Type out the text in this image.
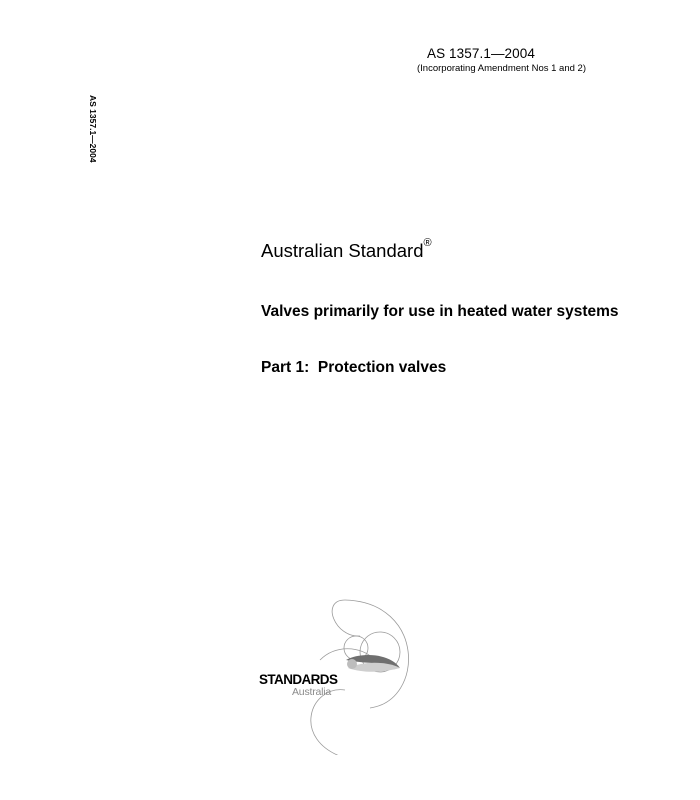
AS 1357.1—2004
(Incorporating Amendment Nos 1 and 2)
AS 1357.1—2004
Australian Standard®
Valves primarily for use in heated water systems
Part 1:  Protection valves
STANDARDS
Australia
